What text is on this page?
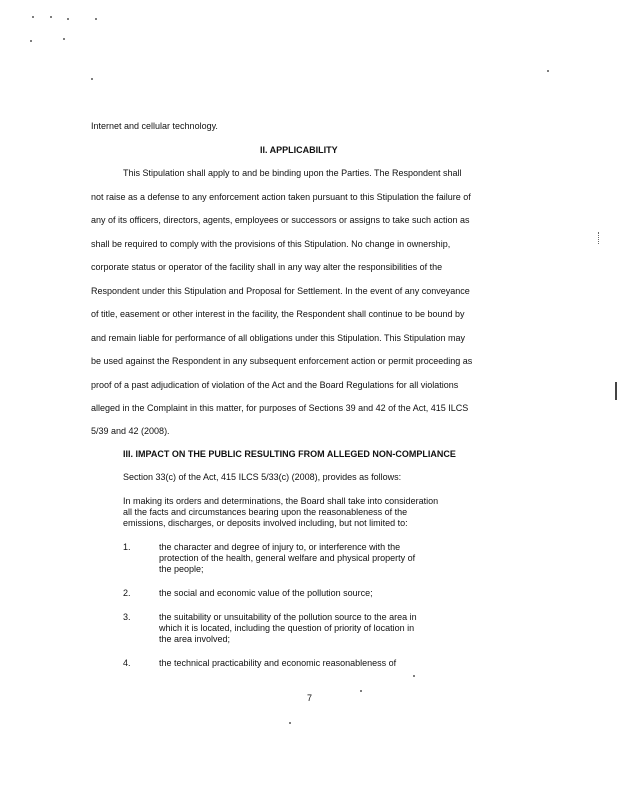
Internet and cellular technology.
II. APPLICABILITY
This Stipulation shall apply to and be binding upon the Parties. The Respondent shall
not raise as a defense to any enforcement action taken pursuant to this Stipulation the failure of
any of its officers, directors, agents, employees or successors or assigns to take such action as
shall be required to comply with the provisions of this Stipulation. No change in ownership,
corporate status or operator of the facility shall in any way alter the responsibilities of the
Respondent under this Stipulation and Proposal for Settlement. In the event of any conveyance
of title, easement or other interest in the facility, the Respondent shall continue to be bound by
and remain liable for performance of all obligations under this Stipulation. This Stipulation may
be used against the Respondent in any subsequent enforcement action or permit proceeding as
proof of a past adjudication of violation of the Act and the Board Regulations for all violations
alleged in the Complaint in this matter, for purposes of Sections 39 and 42 of the Act, 415 ILCS
5/39 and 42 (2008).
III. IMPACT ON THE PUBLIC RESULTING FROM ALLEGED NON-COMPLIANCE
Section 33(c) of the Act, 415 ILCS 5/33(c) (2008), provides as follows:
In making its orders and determinations, the Board shall take into consideration
all the facts and circumstances bearing upon the reasonableness of the
emissions, discharges, or deposits involved including, but not limited to:
1.	the character and degree of injury to, or interference with the
protection of the health, general welfare and physical property of
the people;
2.	the social and economic value of the pollution source;
3.	the suitability or unsuitability of the pollution source to the area in
which it is located, including the question of priority of location in
the area involved;
4.	the technical practicability and economic reasonableness of
7
